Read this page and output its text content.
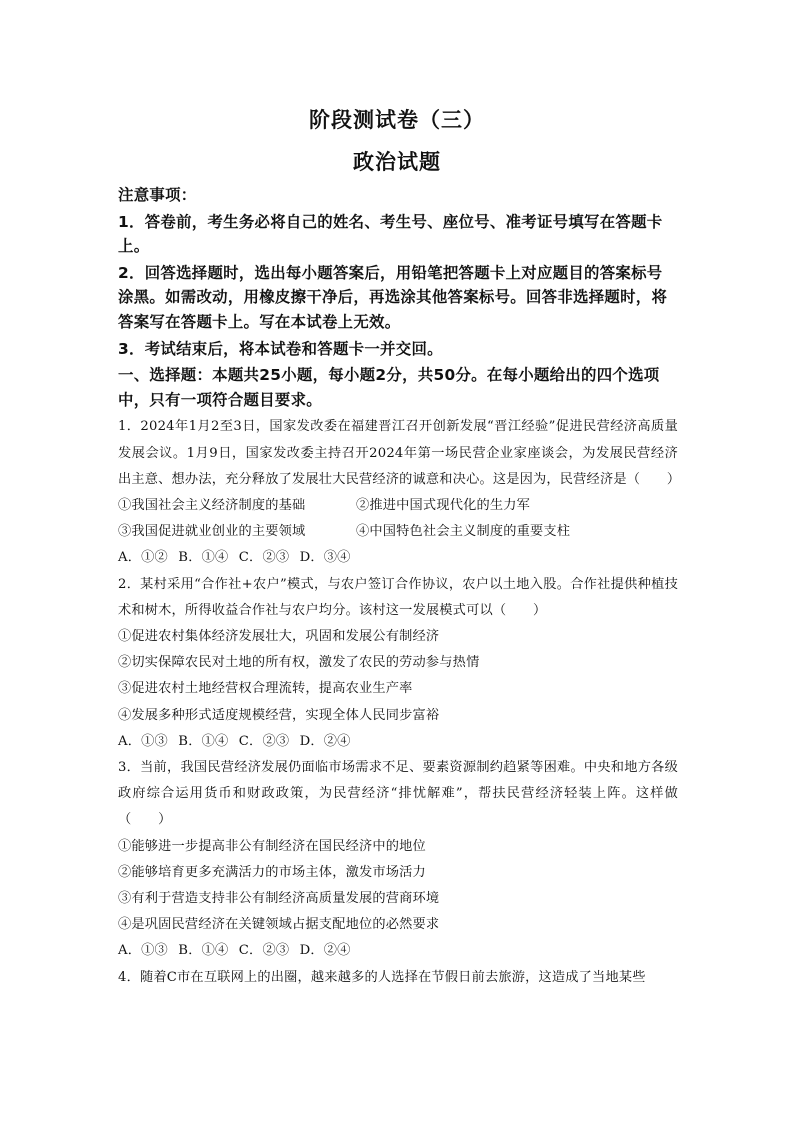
阶段测试卷（三）
政治试题
注意事项：

1．答卷前，考生务必将自己的姓名、考生号、座位号、准考证号填写在答题卡上。

2．回答选择题时，选出每小题答案后，用铅笔把答题卡上对应题目的答案标号涂黑。如需改动，用橡皮擦干净后，再选涂其他答案标号。回答非选择题时，将答案写在答题卡上。写在本试卷上无效。

3．考试结束后，将本试卷和答题卡一并交回。

一、选择题：本题共25小题，每小题2分，共50分。在每小题给出的四个选项中，只有一项符合题目要求。

1．2024年1月2至3日，国家发改委在福建晋江召开创新发展“晋江经验”促进民营经济高质量发展会议。1月9日，国家发改委主持召开2024年第一场民营企业家座谈会，为发展民营经济出主意、想办法，充分释放了发展壮大民营经济的诚意和决心。这是因为，民营经济是（　　）

①我国社会主义经济制度的基础	②推进中国式现代化的生力军
③我国促进就业创业的主要领域	④中国特色社会主义制度的重要支柱
A．①② B．①④ C．②③ D．③④

2．某村采用“合作社+农户”模式，与农户签订合作协议，农户以土地入股。合作社提供种植技术和树木，所得收益合作社与农户均分。该村这一发展模式可以（　　）

①促进农村集体经济发展壮大，巩固和发展公有制经济

②切实保障农民对土地的所有权，激发了农民的劳动参与热情

③促进农村土地经营权合理流转，提高农业生产率

④发展多种形式适度规模经营，实现全体人民同步富裕

A．①③ B．①④ C．②③ D．②④

3．当前，我国民营经济发展仍面临市场需求不足、要素资源制约趋紧等困难。中央和地方各级政府综合运用货币和财政政策，为民营经济“排忧解难”，帮扶民营经济轻装上阵。这样做（　　）

①能够进一步提高非公有制经济在国民经济中的地位

②能够培育更多充满活力的市场主体，激发市场活力

③有利于营造支持非公有制经济高质量发展的营商环境

④是巩固民营经济在关键领域占据支配地位的必然要求

A．①③ B．①④ C．②③ D．②④

4．随着C市在互联网上的出圈，越来越多的人选择在节假日前去旅游，这造成了当地某些
